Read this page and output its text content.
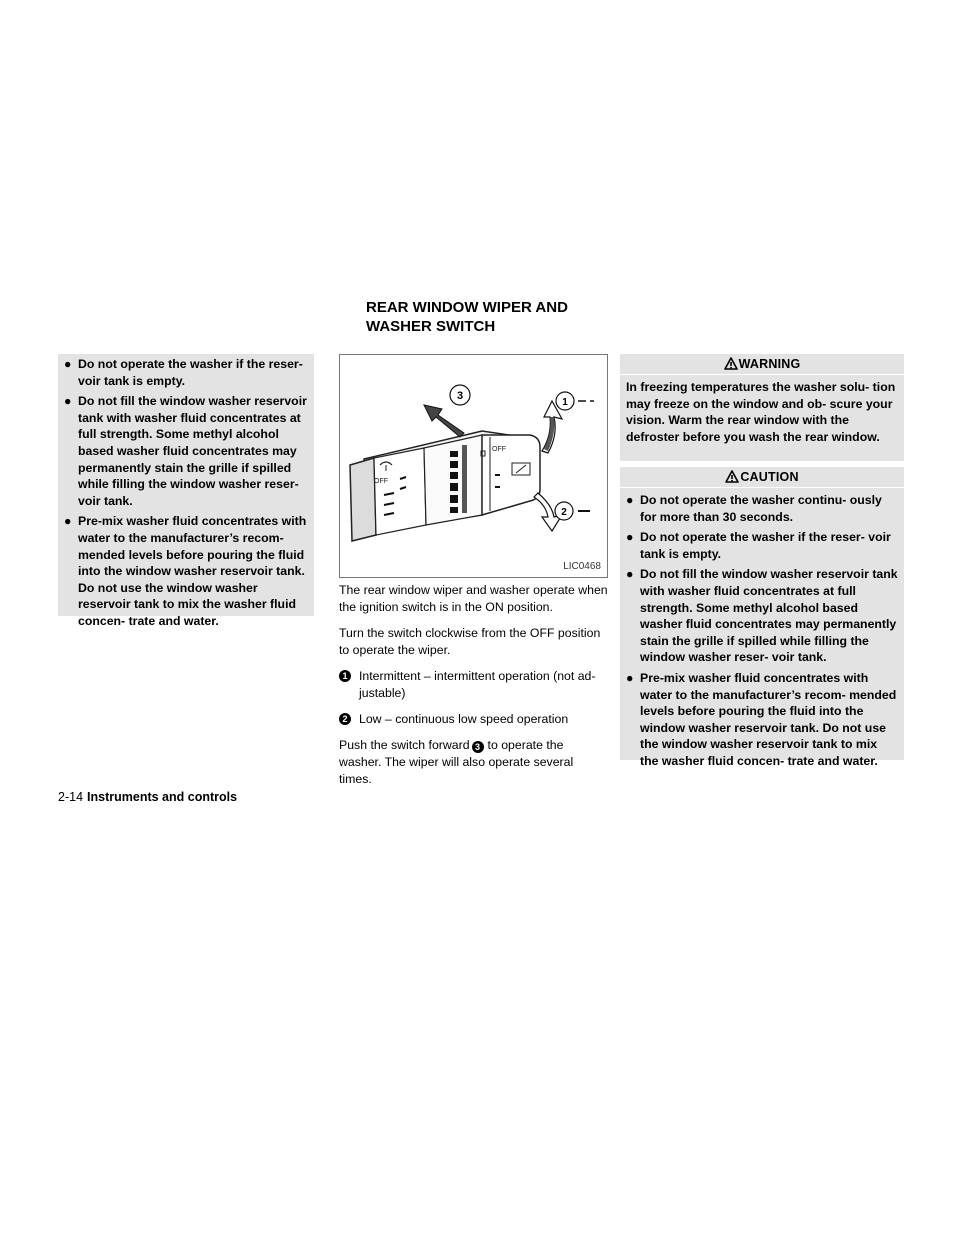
REAR WINDOW WIPER AND
WASHER SWITCH
● Do not operate the washer if the reser- voir tank is empty.
● Do not fill the window washer reservoir tank with washer fluid concentrates at full strength. Some methyl alcohol based washer fluid concentrates may permanently stain the grille if spilled while filling the window washer reser- voir tank.
● Pre-mix washer fluid concentrates with water to the manufacturer’s recom- mended levels before pouring the fluid into the window washer reservoir tank. Do not use the window washer reservoir tank to mix the washer fluid concen- trate and water.
OFF
OFF
3
1
2
LIC0468

The rear window wiper and washer operate when the ignition switch is in the ON position.

Turn the switch clockwise from the OFF position to operate the wiper.

1 Intermittent – intermittent operation (not ad- justable)
2 Low – continuous low speed operation

Push the switch forward 3 to operate the washer. The wiper will also operate several times.

WARNING

In freezing temperatures the washer solu- tion may freeze on the window and ob- scure your vision. Warm the rear window with the defroster before you wash the rear window.

CAUTION
● Do not operate the washer continu- ously for more than 30 seconds.
● Do not operate the washer if the reser- voir tank is empty.
● Do not fill the window washer reservoir tank with washer fluid concentrates at full strength. Some methyl alcohol based washer fluid concentrates may permanently stain the grille if spilled while filling the window washer reser- voir tank.
● Pre-mix washer fluid concentrates with water to the manufacturer’s recom- mended levels before pouring the fluid into the window washer reservoir tank. Do not use the window washer reservoir tank to mix the washer fluid concen- trate and water.
2-14 Instruments and controls
